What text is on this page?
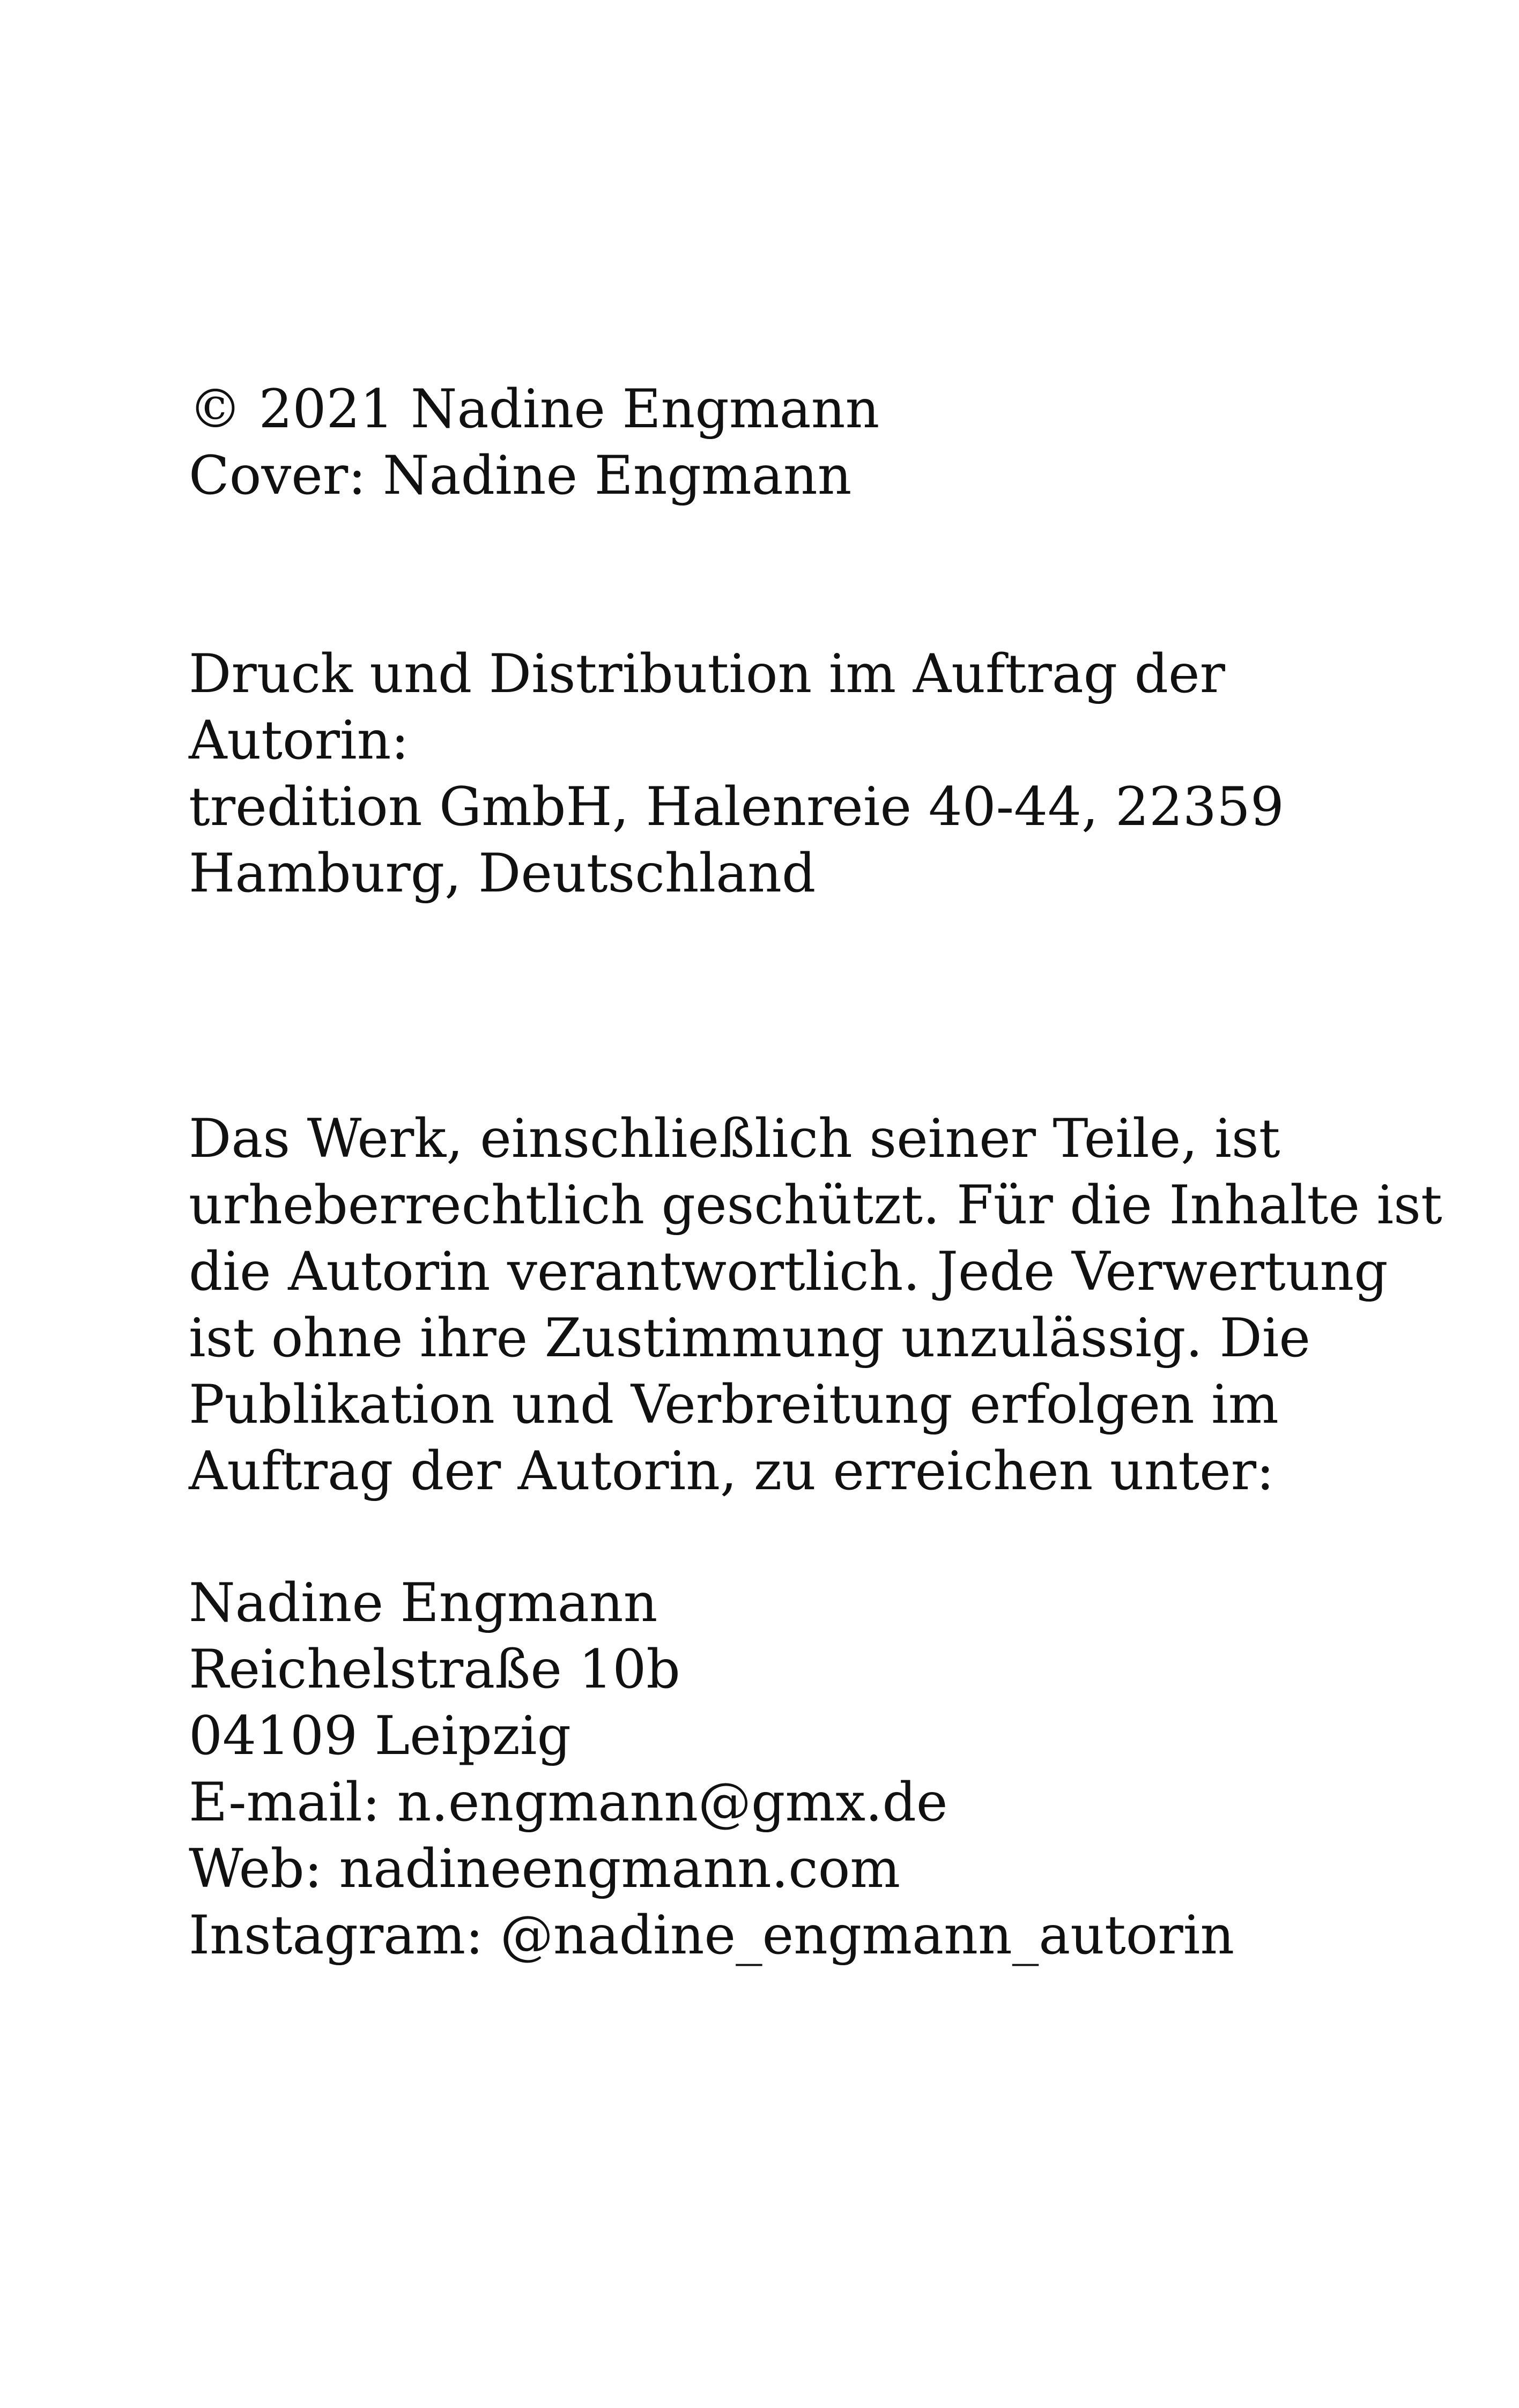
© 2021 Nadine Engmann

Cover: Nadine Engmann

Druck und Distribution im Auftrag der

Autorin:

tredition GmbH, Halenreie 40-44, 22359

Hamburg, Deutschland

Das Werk, einschließlich seiner Teile, ist

urheberrechtlich geschützt. Für die Inhalte ist

die Autorin verantwortlich. Jede Verwertung

ist ohne ihre Zustimmung unzulässig. Die

Publikation und Verbreitung erfolgen im

Auftrag der Autorin, zu erreichen unter:

Nadine Engmann

Reichelstraße 10b

04109 Leipzig

E-mail: n.engmann@gmx.de

Web: nadineengmann.com

Instagram: @nadine_engmann_autorin
